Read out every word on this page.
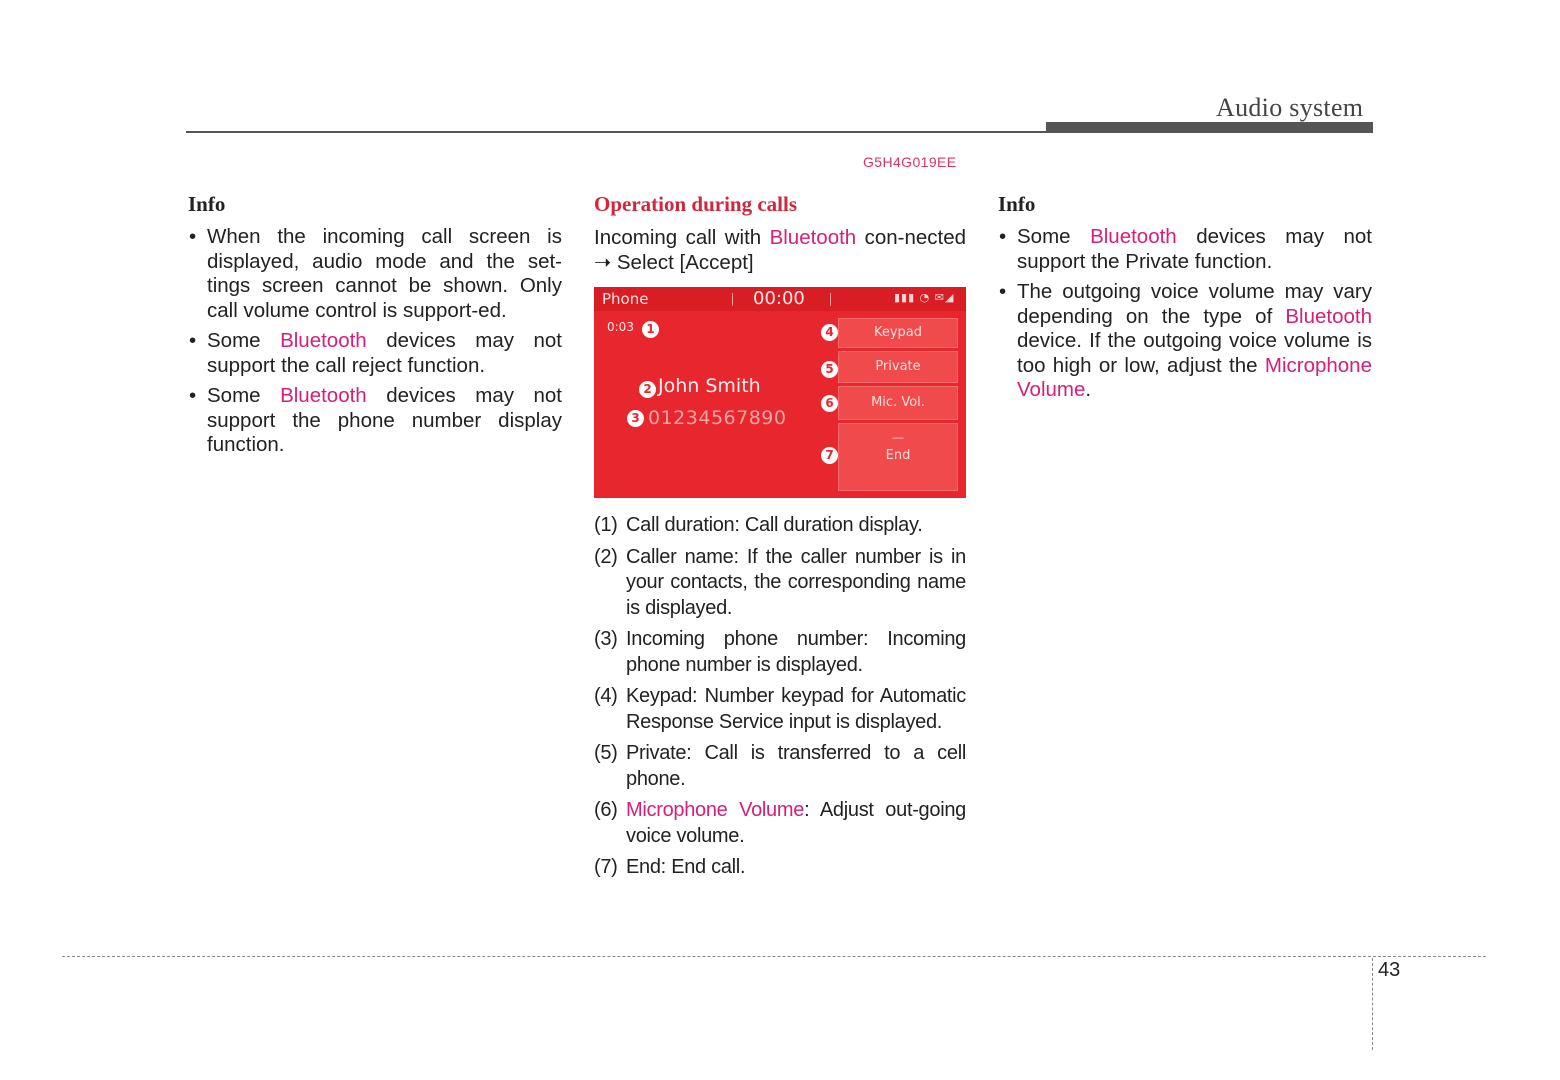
Audio system
G5H4G019EE
Info
• When the incoming call screen is displayed, audio mode and the set-tings screen cannot be shown. Only call volume control is support-ed.
• Some Bluetooth devices may not support the call reject function.
• Some Bluetooth devices may not support the phone number display function.
Operation during calls

Incoming call with Bluetooth con-nected ➝ Select [Accept]

Phone	00:00	▮▮▮ ◔ ✉◢
0:03	1
2 John Smith
3 01234567890
4
5
6
7
Keypad
Private
Mic. Vol.
―
End
(1) Call duration: Call duration display.
(2) Caller name: If the caller number is in your contacts, the corresponding name is displayed.
(3) Incoming phone number: Incoming phone number is displayed.
(4) Keypad: Number keypad for Automatic Response Service input is displayed.
(5) Private: Call is transferred to a cell phone.
(6) Microphone Volume: Adjust out-going voice volume.
(7) End: End call.
Info
• Some Bluetooth devices may not support the Private function.
• The outgoing voice volume may vary depending on the type of Bluetooth device. If the outgoing voice volume is too high or low, adjust the Microphone Volume.
43
